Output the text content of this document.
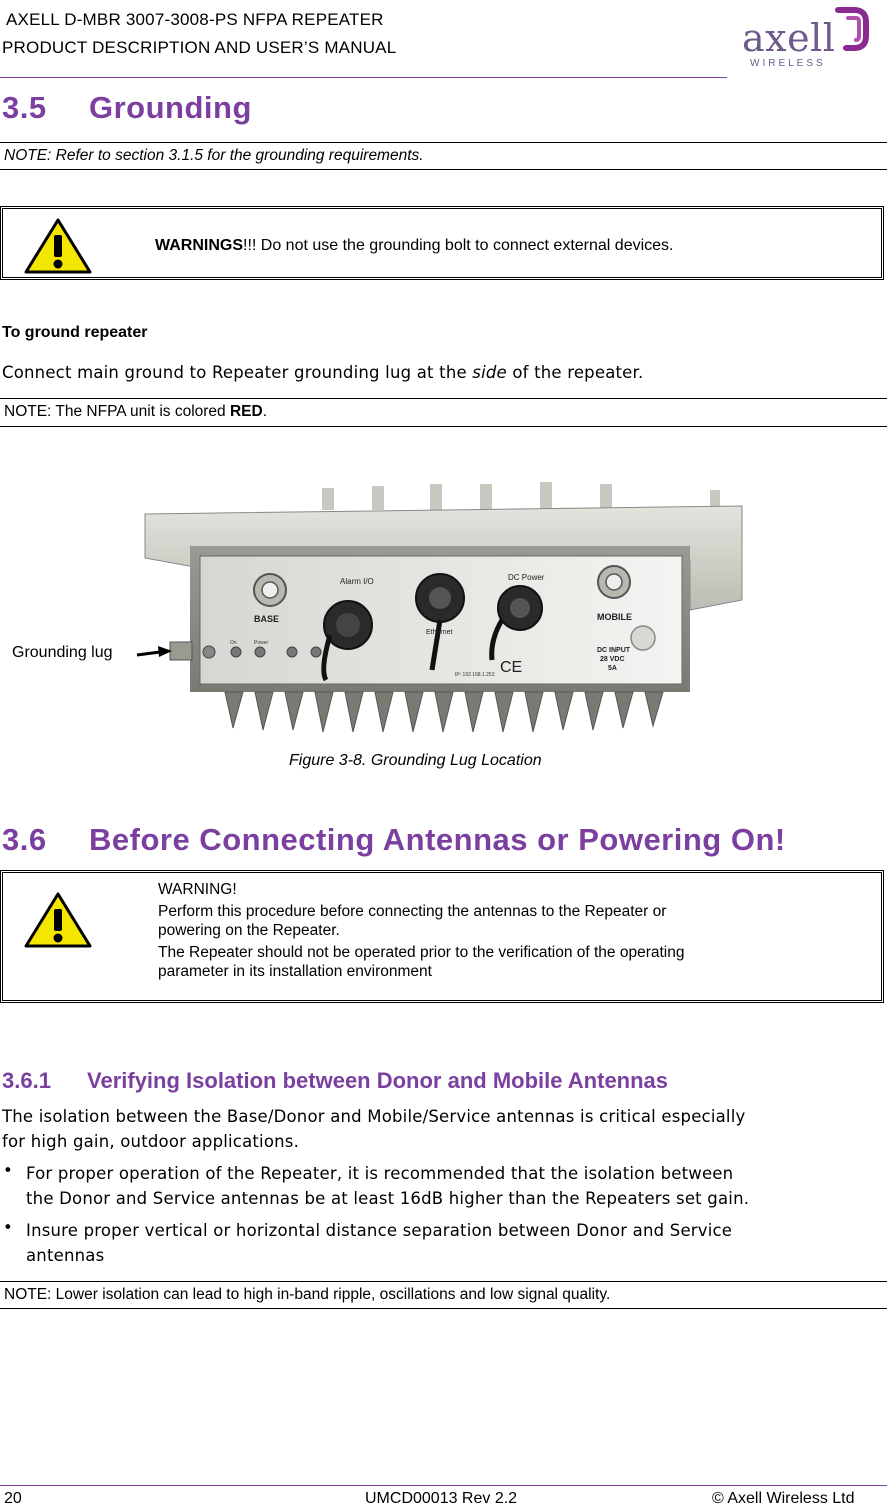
AXELL D-MBR 3007-3008-PS NFPA REPEATER
PRODUCT DESCRIPTION AND USER’S MANUAL	axell
WIRELESS
3.5 Grounding
NOTE: Refer to section 3.1.5 for the grounding requirements.
WARNINGS!!! Do not use the grounding bolt to connect external devices.
To ground repeater
Connect main ground to Repeater grounding lug at the side of the repeater.
NOTE: The NFPA unit is colored RED.
BASE
Alarm I/O	DC Power
MOBILE
Ethernet
DC INPUT
28 VDC
5A
IP: 192.168.1.253 CE
On	Power
Grounding lug
Figure 3-8. Grounding Lug Location
3.6 Before Connecting Antennas or Powering On!
WARNING!
Perform this procedure before connecting the antennas to the Repeater or
powering on the Repeater.
The Repeater should not be operated prior to the verification of the operating
parameter in its installation environment
3.6.1 Verifying Isolation between Donor and Mobile Antennas
The isolation between the Base/Donor and Mobile/Service antennas is critical especially
for high gain, outdoor applications.
• For proper operation of the Repeater, it is recommended that the isolation between
the Donor and Service antennas be at least 16dB higher than the Repeaters set gain.
• Insure proper vertical or horizontal distance separation between Donor and Service
antennas
NOTE: Lower isolation can lead to high in-band ripple, oscillations and low signal quality.
20	UMCD00013 Rev 2.2	© Axell Wireless Ltd
